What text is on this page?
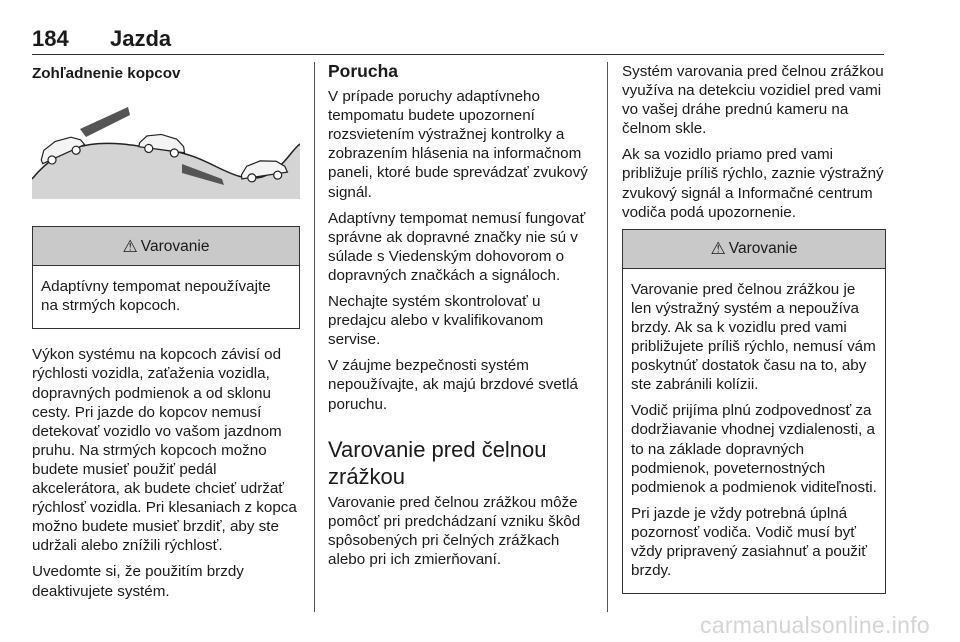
184 Jazda
Zohľadnenie kopcov
⚠ Varovanie

Adaptívny tempomat nepoužívajte na strmých kopcoch.

Výkon systému na kopcoch závisí od rýchlosti vozidla, zaťaženia vozidla, dopravných podmienok a od sklonu cesty. Pri jazde do kopcov nemusí detekovať vozidlo vo vašom jazdnom pruhu. Na strmých kopcoch možno budete musieť použiť pedál akcelerátora, ak budete chcieť udržať rýchlosť vozidla. Pri klesaniach z kopca možno budete musieť brzdiť, aby ste udržali alebo znížili rýchlosť.

Uvedomte si, že použitím brzdy deaktivujete systém.

Porucha

V prípade poruchy adaptívneho tempomatu budete upozornení rozsvietením výstražnej kontrolky a zobrazením hlásenia na informačnom paneli, ktoré bude sprevádzať zvukový signál.

Adaptívny tempomat nemusí fungovať správne ak dopravné značky nie sú v súlade s Viedenským dohovorom o dopravných značkách a signáloch.

Nechajte systém skontrolovať u predajcu alebo v kvalifikovanom servise.

V záujme bezpečnosti systém nepoužívajte, ak majú brzdové svetlá poruchu.

Varovanie pred čelnou zrážkou

Varovanie pred čelnou zrážkou môže pomôcť pri predchádzaní vzniku škôd spôsobených pri čelných zrážkach alebo pri ich zmierňovaní.

Systém varovania pred čelnou zrážkou využíva na detekciu vozidiel pred vami vo vašej dráhe prednú kameru na čelnom skle.

Ak sa vozidlo priamo pred vami približuje príliš rýchlo, zaznie výstražný zvukový signál a Informačné centrum vodiča podá upozornenie.

⚠ Varovanie

Varovanie pred čelnou zrážkou je len výstražný systém a nepoužíva brzdy. Ak sa k vozidlu pred vami približujete príliš rýchlo, nemusí vám poskytnúť dostatok času na to, aby ste zabránili kolízii.

Vodič prijíma plnú zodpovednosť za dodržiavanie vhodnej vzdialenosti, a to na základe dopravných podmienok, poveternostných podmienok a podmienok viditeľnosti.

Pri jazde je vždy potrebná úplná pozornosť vodiča. Vodič musí byť vždy pripravený zasiahnuť a použiť brzdy.

carmanualsonline.info
